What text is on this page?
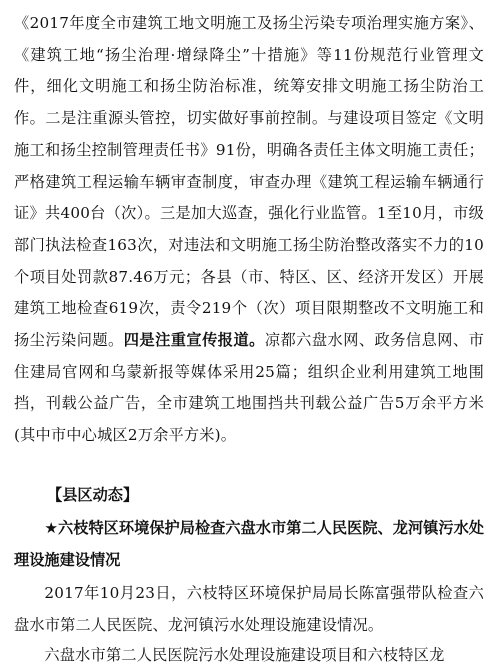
《2017年度全市建筑工地文明施工及扬尘污染专项治理实施方案》、《建筑工地“扬尘治理·增绿降尘”十措施》等11份规范行业管理文件，细化文明施工和扬尘防治标准，统筹安排文明施工扬尘防治工作。二是注重源头管控，切实做好事前控制。与建设项目签定《文明施工和扬尘控制管理责任书》91份，明确各责任主体文明施工责任；严格建筑工程运输车辆审查制度，审查办理《建筑工程运输车辆通行证》共400台（次）。三是加大巡查，强化行业监管。1至10月，市级部门执法检查163次，对违法和文明施工扬尘防治整改落实不力的10个项目处罚款87.46万元；各县（市、特区、区、经济开发区）开展建筑工地检查619次，责令219个（次）项目限期整改不文明施工和扬尘污染问题。四是注重宣传报道。凉都六盘水网、政务信息网、市住建局官网和乌蒙新报等媒体采用25篇；组织企业利用建筑工地围挡，刊载公益广告，全市建筑工地围挡共刊载公益广告5万余平方米(其中市中心城区2万余平方米)。

【县区动态】

★六枝特区环境保护局检查六盘水市第二人民医院、龙河镇污水处理设施建设情况

2017年10月23日，六枝特区环境保护局局长陈富强带队检查六盘水市第二人民医院、龙河镇污水处理设施建设情况。

六盘水市第二人民医院污水处理设施建设项目和六枝特区龙
